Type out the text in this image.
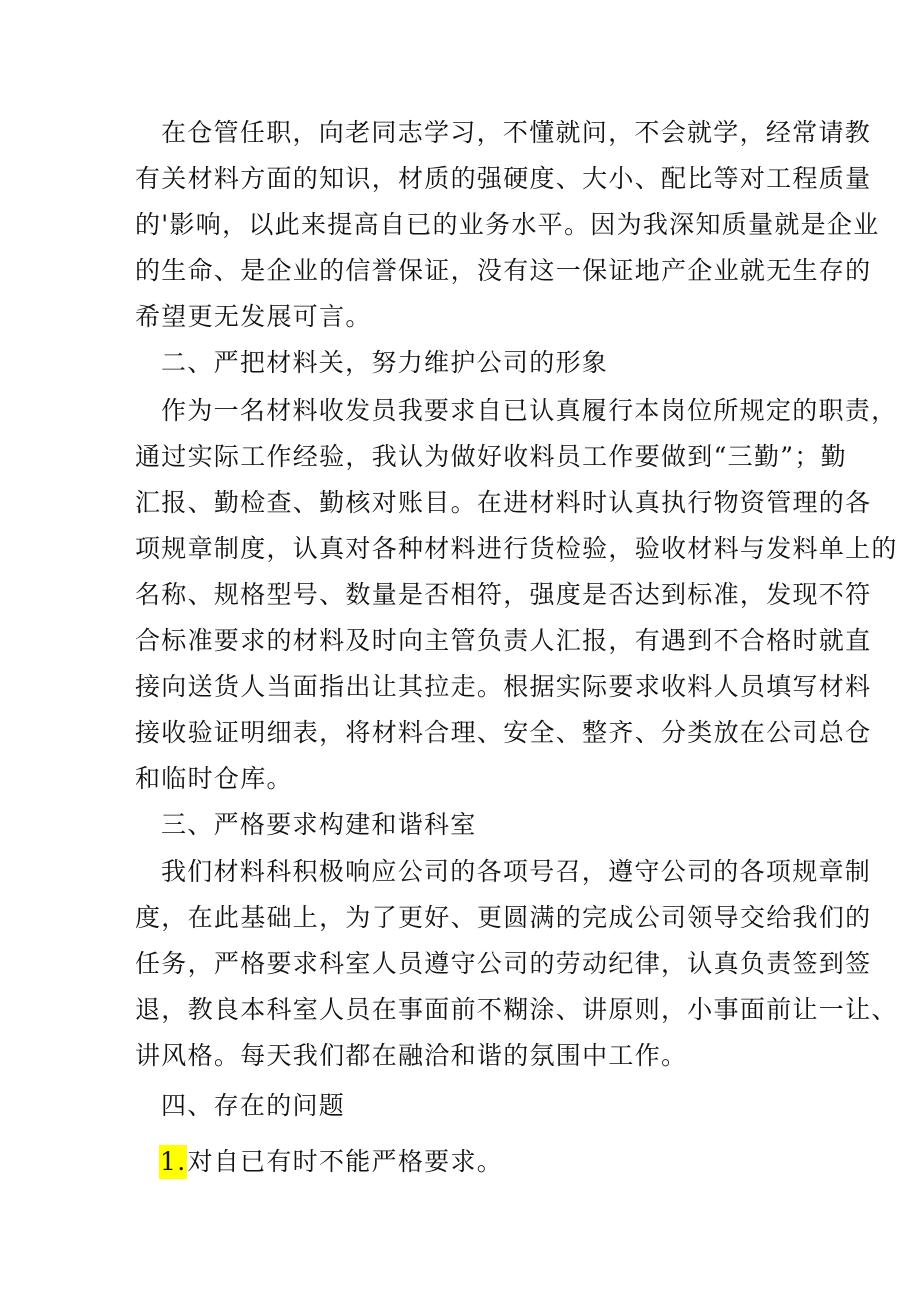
在仓管任职，向老同志学习，不懂就问，不会就学，经常请教
有关材料方面的知识，材质的强硬度、大小、配比等对工程质量
的'影响，以此来提高自已的业务水平。因为我深知质量就是企业
的生命、是企业的信誉保证，没有这一保证地产企业就无生存的
希望更无发展可言。
二、严把材料关，努力维护公司的形象
作为一名材料收发员我要求自已认真履行本岗位所规定的职责，
通过实际工作经验，我认为做好收料员工作要做到“三勤”；勤
汇报、勤检查、勤核对账目。在进材料时认真执行物资管理的各
项规章制度，认真对各种材料进行货检验，验收材料与发料单上的
名称、规格型号、数量是否相符，强度是否达到标准，发现不符
合标准要求的材料及时向主管负责人汇报，有遇到不合格时就直
接向送货人当面指出让其拉走。根据实际要求收料人员填写材料
接收验证明细表，将材料合理、安全、整齐、分类放在公司总仓
和临时仓库。
三、严格要求构建和谐科室
我们材料科积极响应公司的各项号召，遵守公司的各项规章制
度，在此基础上，为了更好、更圆满的完成公司领导交给我们的
任务，严格要求科室人员遵守公司的劳动纪律，认真负责签到签
退，教良本科室人员在事面前不糊涂、讲原则，小事面前让一让、
讲风格。每天我们都在融洽和谐的氛围中工作。
四、存在的问题
1.对自已有时不能严格要求。
